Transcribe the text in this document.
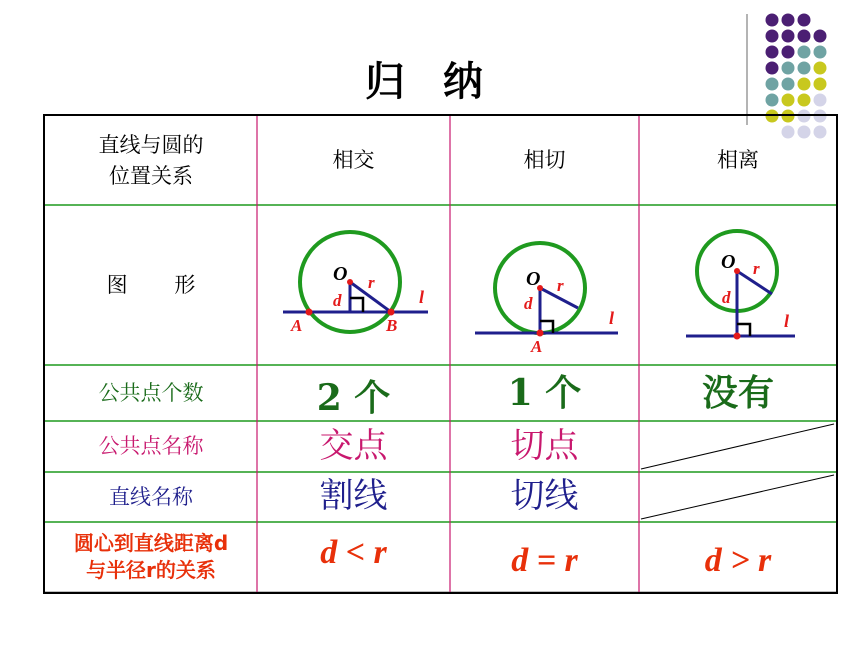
归 纳
直线与圆的
位置关系
相交	相切	相离
图 形	O r
d	l
A	B
O r
d
l
A
O r
d
l
公共点个数	2 个	1 个	没有
公共点名称	交点	切点
直线名称	割线	切线
圆心到直线距离d
与半径r的关系	d < r	d = r	d > r
